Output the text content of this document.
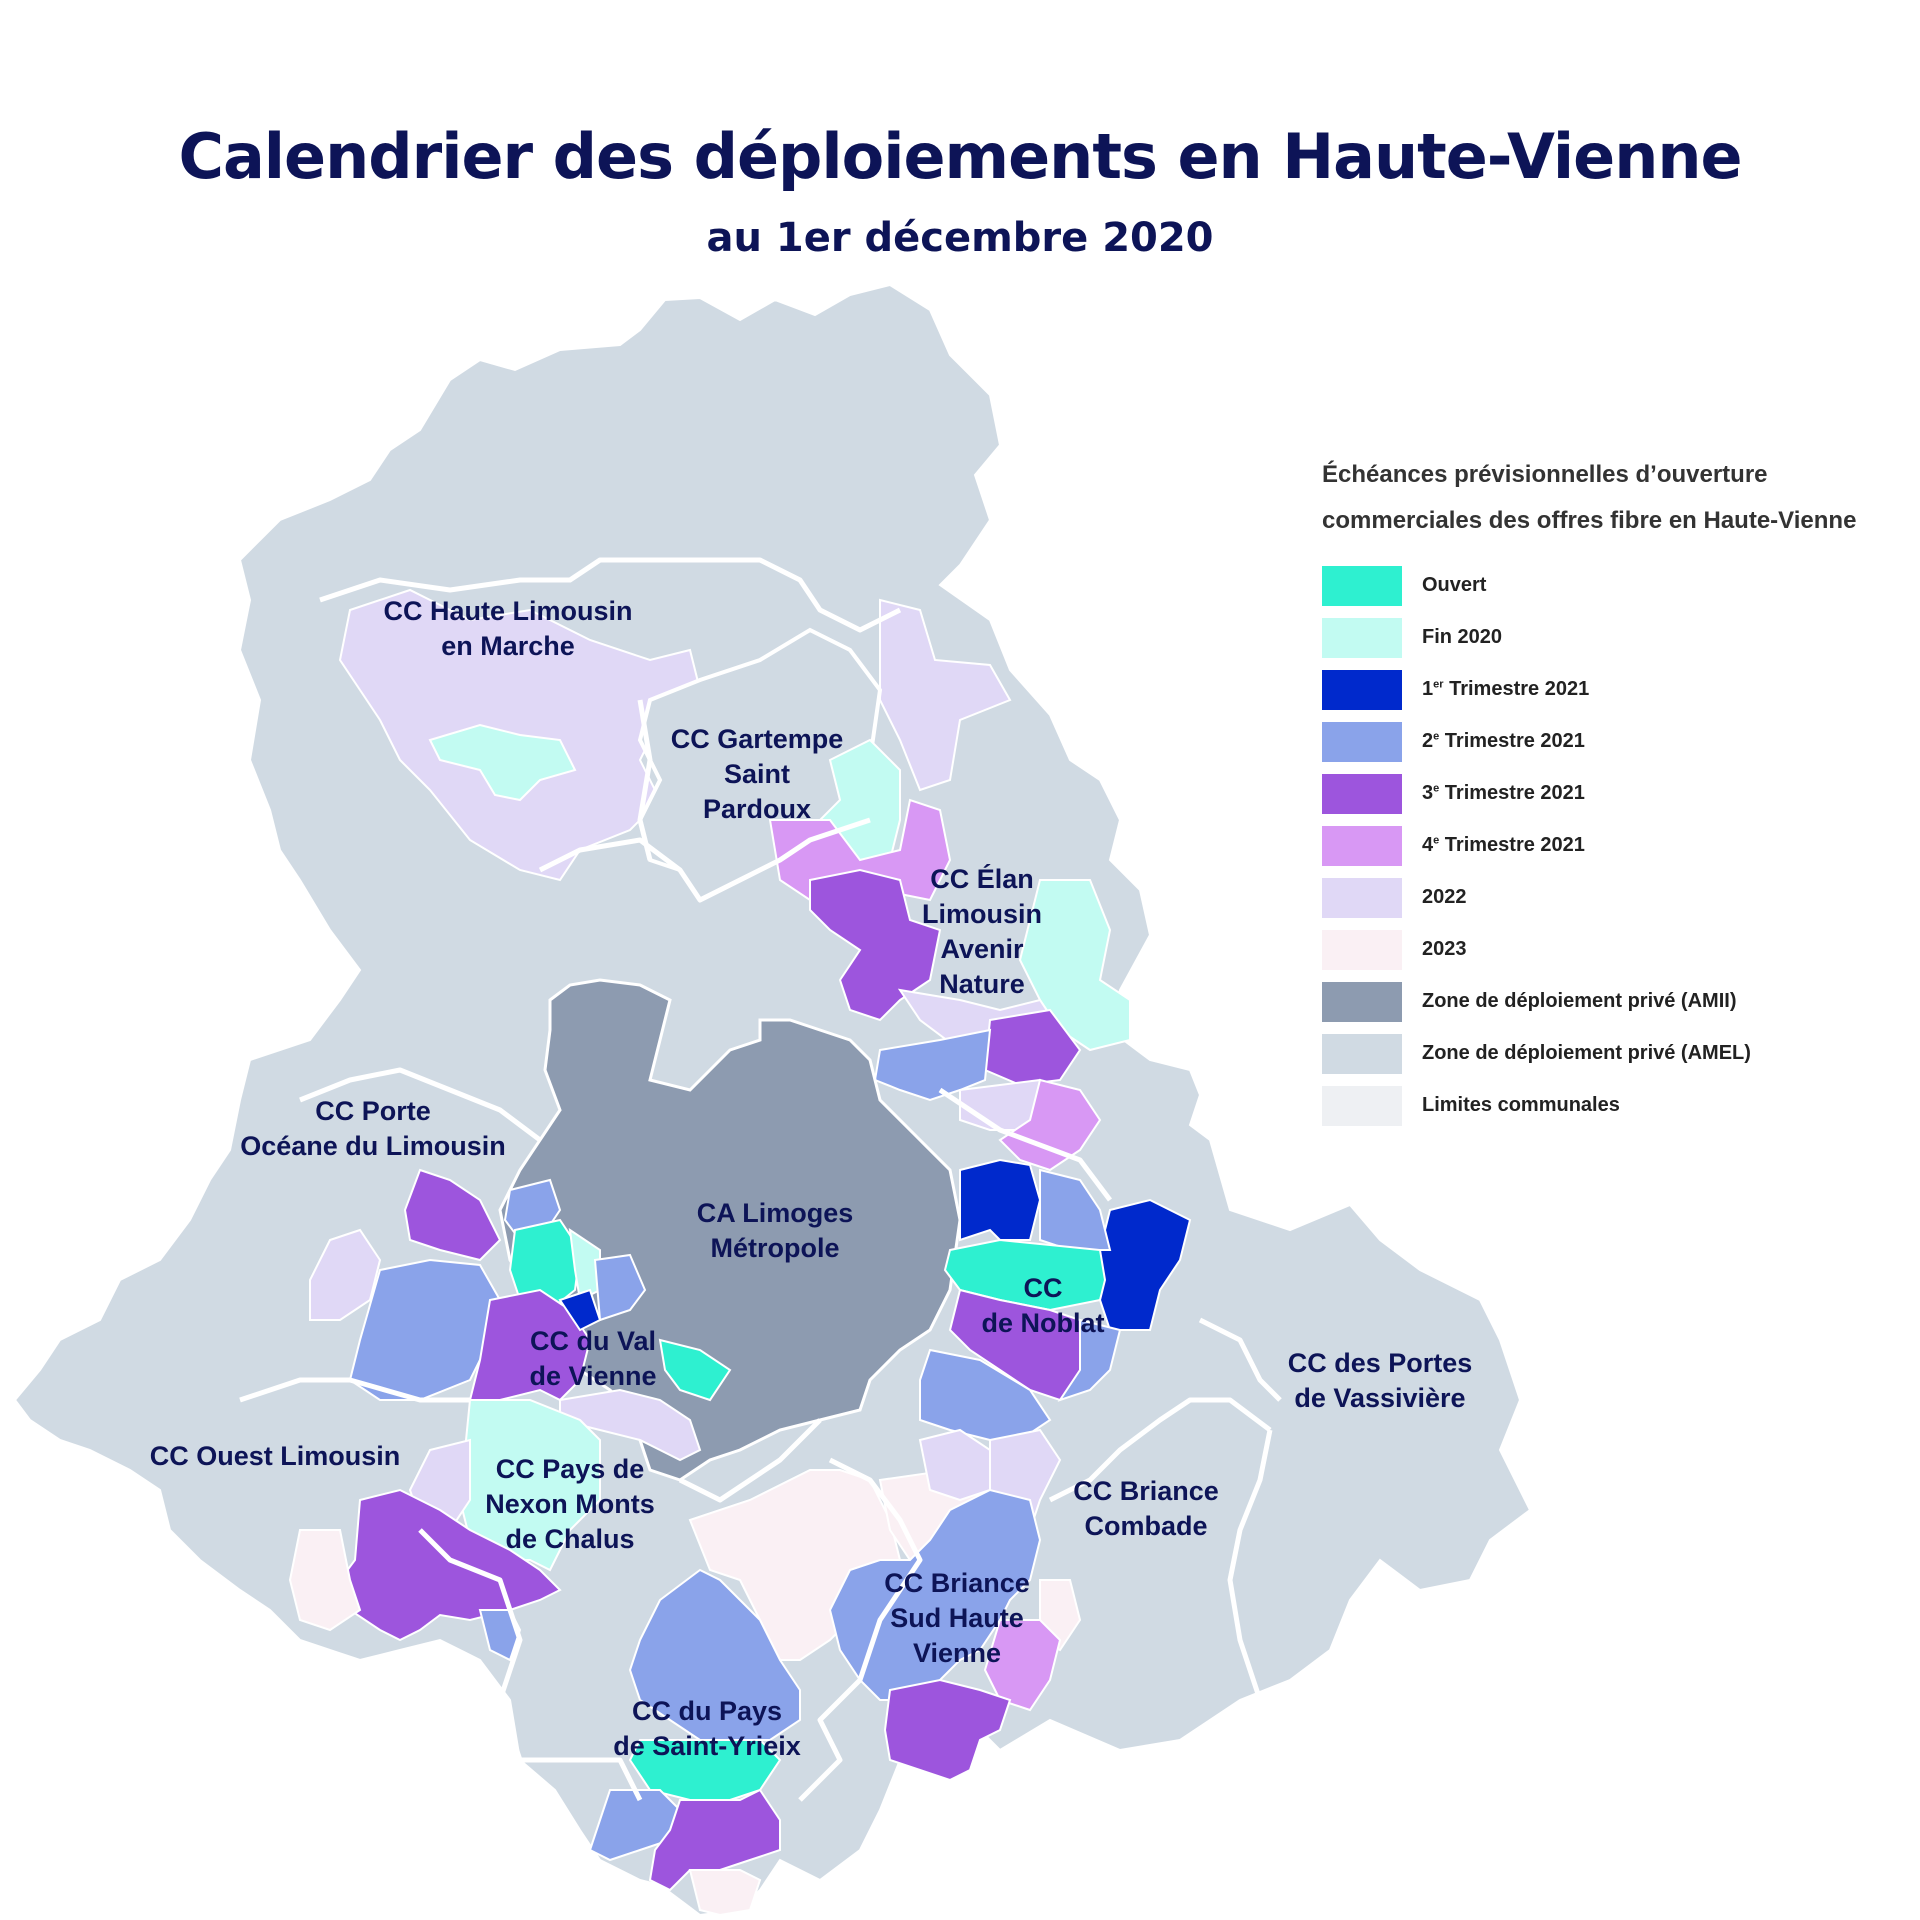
Calendrier des déploiements en Haute-Vienne
au 1er décembre 2020
CC Haute Limousin
en Marche
CC Gartempe
Saint
Pardoux
CC Élan
Limousin
Avenir
Nature
CC Porte
Océane du Limousin
CA Limoges
Métropole
CC
de Noblat
CC du Val
de Vienne	CC des Portes
de Vassivière
CC Ouest Limousin	CC Pays de
Nexon Monts
de Chalus
CC Briance
Combade
CC Briance
Sud Haute
Vienne
CC du Pays
de Saint-Yrieix
Échéances prévisionnelles d’ouverture
commerciales des offres fibre en Haute-Vienne
Ouvert
Fin 2020
1er Trimestre 2021
2e Trimestre 2021
3e Trimestre 2021
4e Trimestre 2021
2022
2023
Zone de déploiement privé (AMII)
Zone de déploiement privé (AMEL)
Limites communales
